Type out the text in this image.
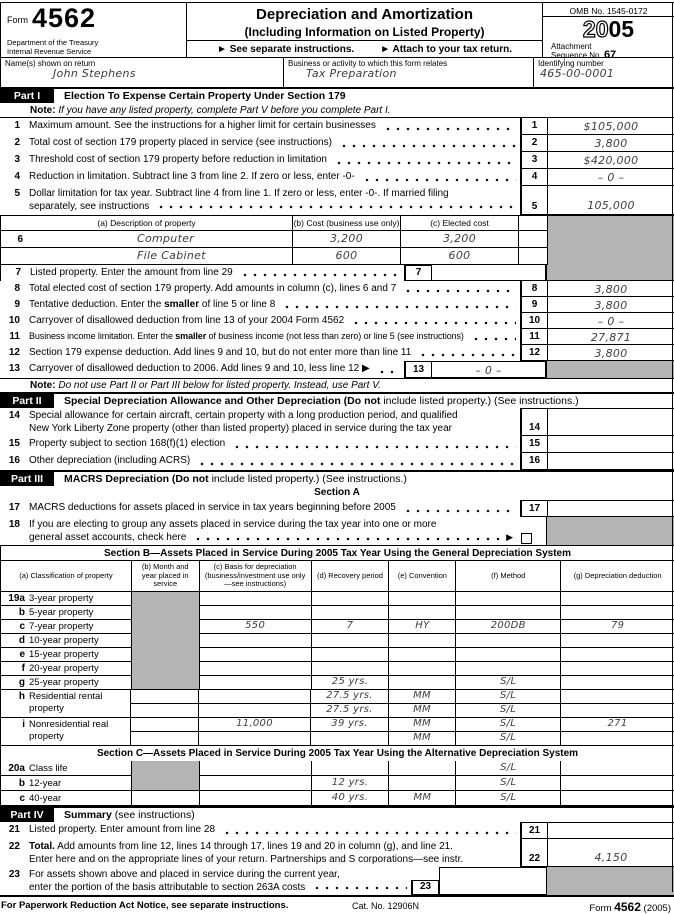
Form 4562
Department of the Treasury
Internal Revenue Service
Depreciation and Amortization
(Including Information on Listed Property)
► See separate instructions.	► Attach to your tax return.
OMB No. 1545-0172
2005
Attachment
Sequence No. 67
Name(s) shown on return
John Stephens
Business or activity to which this form relates
Tax Preparation
Identifying number
465-00-0001
Part I	Election To Expense Certain Property Under Section 179
Note: If you have any listed property, complete Part V before you complete Part I.
1 Maximum amount. See the instructions for a higher limit for certain businesses	1	$105,000
2 Total cost of section 179 property placed in service (see instructions)	2	3,800
3 Threshold cost of section 179 property before reduction in limitation	3	$420,000
4 Reduction in limitation. Subtract line 3 from line 2. If zero or less, enter -0-	4	– 0 –
5 Dollar limitation for tax year. Subtract line 4 from line 1. If zero or less, enter -0-. If married filing
separately, see instructions	5	105,000
(a) Description of property	(b) Cost (business use only)	(c) Elected cost
6	Computer	3,200	3,200
File Cabinet	600	600
7 Listed property. Enter the amount from line 29	7
8 Total elected cost of section 179 property. Add amounts in column (c), lines 6 and 7	8	3,800
9 Tentative deduction. Enter the smaller of line 5 or line 8	9	3,800
10 Carryover of disallowed deduction from line 13 of your 2004 Form 4562	10	– 0 –
11 Business income limitation. Enter the smaller of business income (not less than zero) or line 5 (see instructions)	11	27,871
12 Section 179 expense deduction. Add lines 9 and 10, but do not enter more than line 11	12	3,800
13 Carryover of disallowed deduction to 2006. Add lines 9 and 10, less line 12 ▶	13	– 0 –
Note: Do not use Part II or Part III below for listed property. Instead, use Part V.
Part II	Special Depreciation Allowance and Other Depreciation (Do not include listed property.) (See instructions.)
14 Special allowance for certain aircraft, certain property with a long production period, and qualified
New York Liberty Zone property (other than listed property) placed in service during the tax year	14
15 Property subject to section 168(f)(1) election	15
16 Other depreciation (including ACRS)	16
Part III	MACRS Depreciation (Do not include listed property.) (See instructions.)
Section A
17 MACRS deductions for assets placed in service in tax years beginning before 2005	17
18 If you are electing to group any assets placed in service during the tax year into one or more
general asset accounts, check here	▶
Section B—Assets Placed in Service During 2005 Tax Year Using the General Depreciation System
(a) Classification of property
(b) Month and year placed in service
(c) Basis for depreciation (business/investment use only—see instructions)
(d) Recovery period	(e) Convention	(f) Method	(g) Depreciation deduction
19a 3-year property
b 5-year property
c 7-year property	550	7	HY	200DB	79
d 10-year property
e 15-year property
f 20-year property
g 25-year property	25 yrs.	S/L
h Residential rental property
27.5 yrs.	MM	S/L
27.5 yrs.	MM	S/L
i Nonresidential real property
11,000	39 yrs.	MM	S/L	271
MM	S/L
Section C—Assets Placed in Service During 2005 Tax Year Using the Alternative Depreciation System
20a Class life	S/L
b 12-year	12 yrs.	S/L
c 40-year	40 yrs.	MM	S/L
Part IV	Summary (see instructions)
21 Listed property. Enter amount from line 28	21
22 Total. Add amounts from line 12, lines 14 through 17, lines 19 and 20 in column (g), and line 21.
Enter here and on the appropriate lines of your return. Partnerships and S corporations—see instr.	22	4,150
23 For assets shown above and placed in service during the current year,
enter the portion of the basis attributable to section 263A costs	23
For Paperwork Reduction Act Notice, see separate instructions.	Cat. No. 12906N	Form 4562 (2005)
